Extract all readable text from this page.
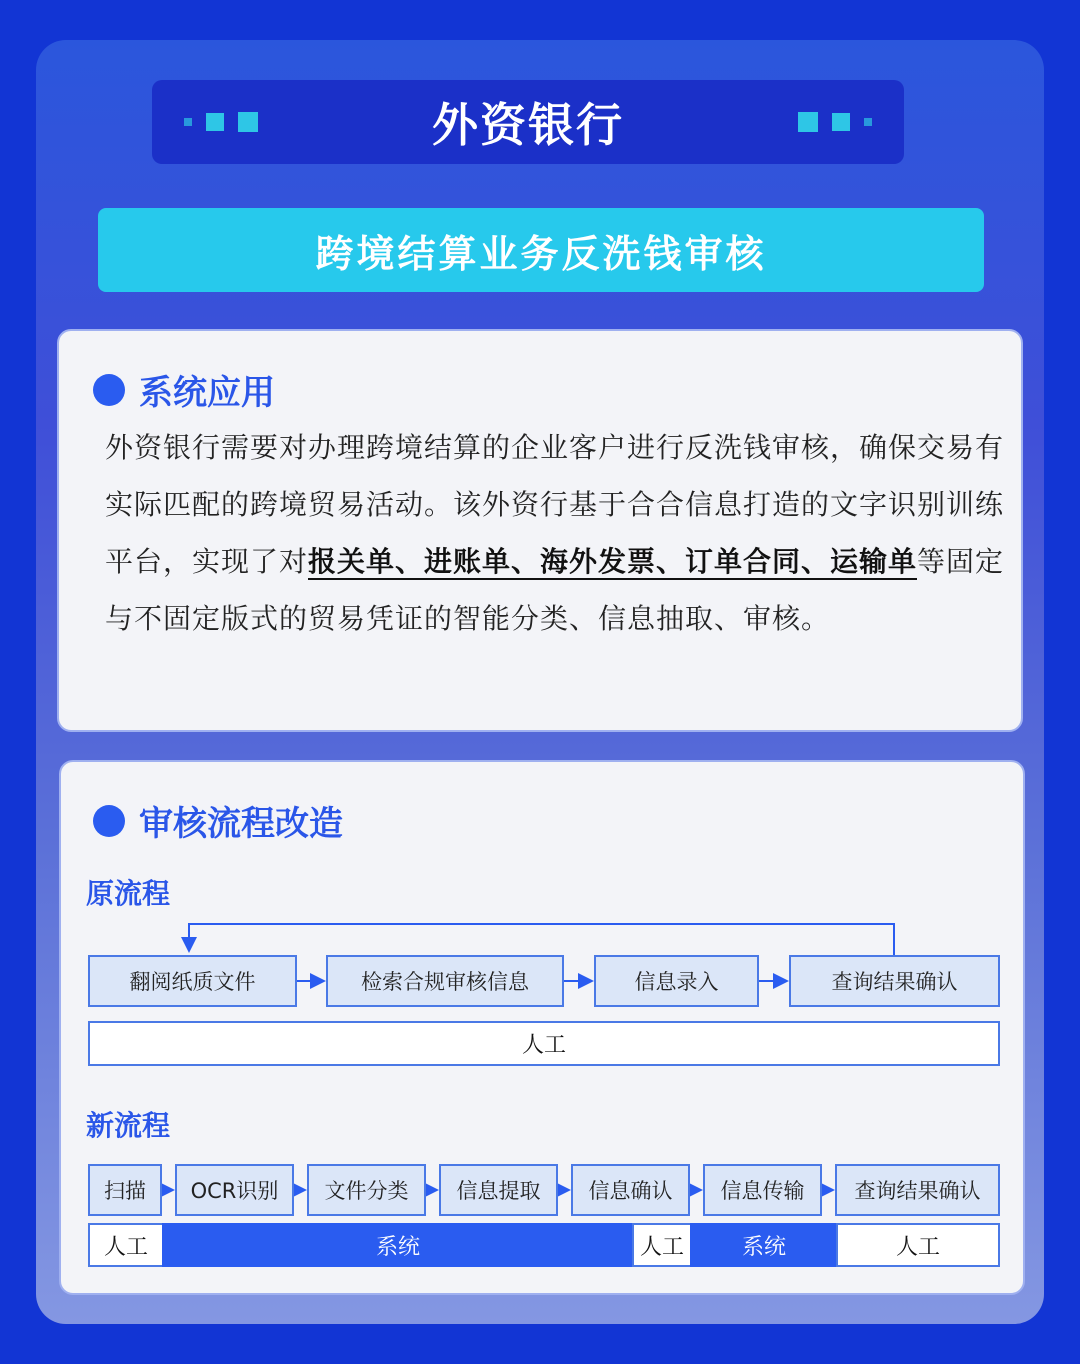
外资银行
跨境结算业务反洗钱审核
系统应用
外资银行需要对办理跨境结算的企业客户进行反洗钱审核，确保交易有实际匹配的跨境贸易活动。该外资行基于合合信息打造的文字识别训练平台，实现了对报关单、进账单、海外发票、订单合同、运输单等固定与不固定版式的贸易凭证的智能分类、信息抽取、审核。
审核流程改造
原流程
翻阅纸质文件	检索合规审核信息	信息录入	查询结果确认
人工
新流程
扫描	OCR识别	文件分类	信息提取	信息确认	信息传输	查询结果确认
人工	系统	人工	系统	人工
